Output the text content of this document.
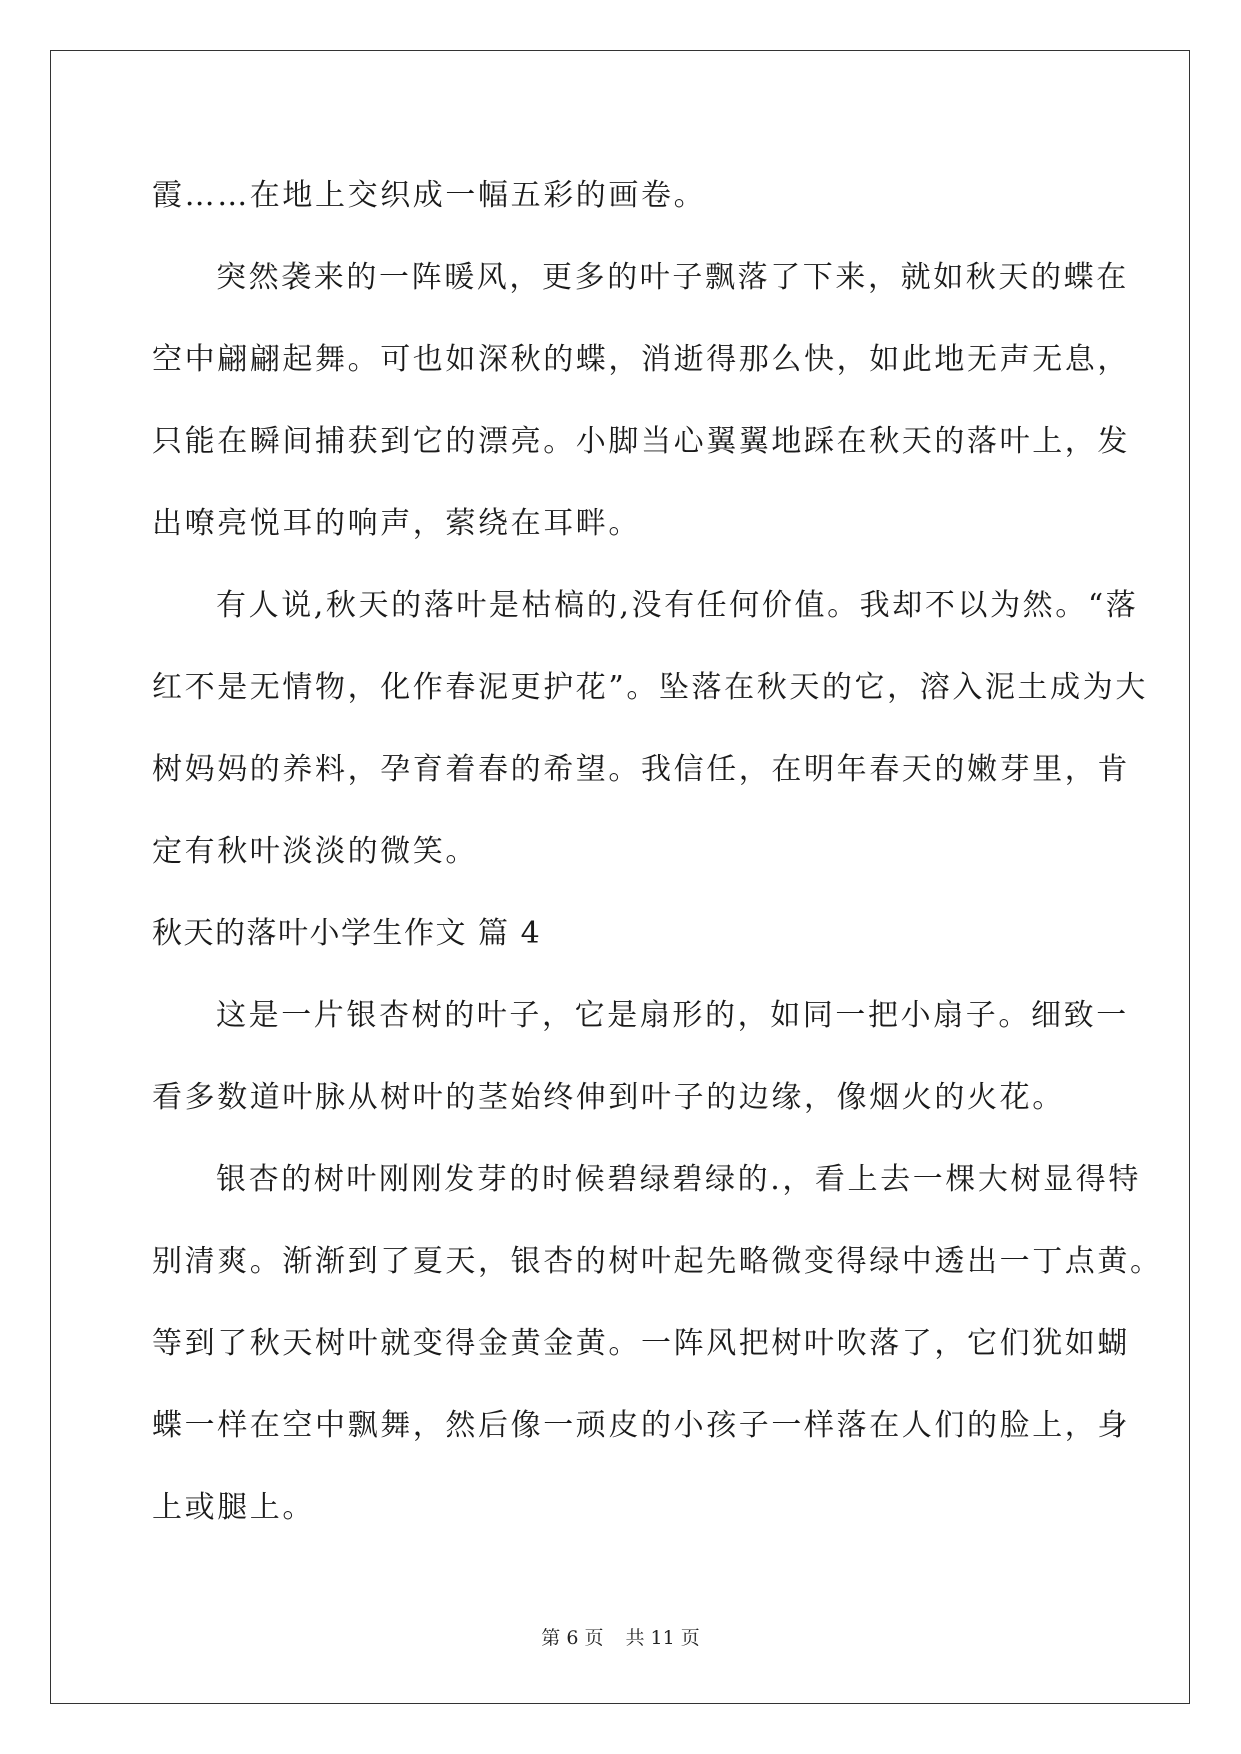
霞……在地上交织成一幅五彩的画卷。
突然袭来的一阵暖风，更多的叶子飘落了下来，就如秋天的蝶在
空中翩翩起舞。可也如深秋的蝶，消逝得那么快，如此地无声无息，
只能在瞬间捕获到它的漂亮。小脚当心翼翼地踩在秋天的落叶上，发
出嘹亮悦耳的响声，萦绕在耳畔。
有人说,秋天的落叶是枯槁的,没有任何价值。我却不以为然。“落
红不是无情物，化作春泥更护花”。坠落在秋天的它，溶入泥土成为大
树妈妈的养料，孕育着春的希望。我信任，在明年春天的嫩芽里，肯
定有秋叶淡淡的微笑。
秋天的落叶小学生作文 篇 4
这是一片银杏树的叶子，它是扇形的，如同一把小扇子。细致一
看多数道叶脉从树叶的茎始终伸到叶子的边缘，像烟火的火花。
银杏的树叶刚刚发芽的时候碧绿碧绿的.，看上去一棵大树显得特
别清爽。渐渐到了夏天，银杏的树叶起先略微变得绿中透出一丁点黄。
等到了秋天树叶就变得金黄金黄。一阵风把树叶吹落了，它们犹如蝴
蝶一样在空中飘舞，然后像一顽皮的小孩子一样落在人们的脸上，身
上或腿上。
第 6 页 共 11 页
